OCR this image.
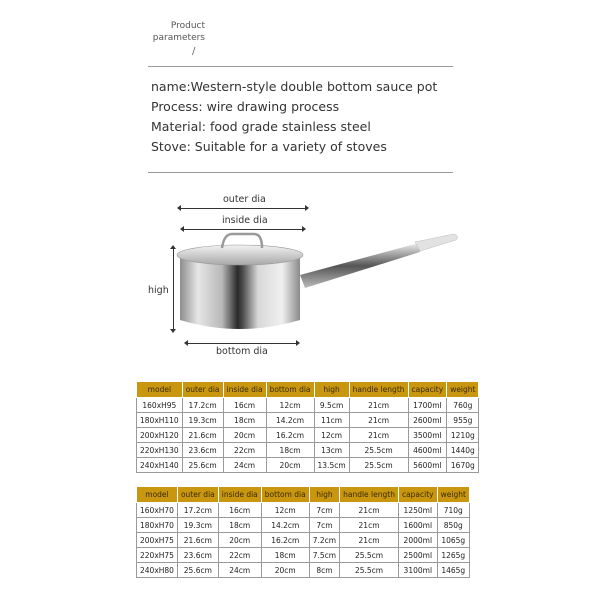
Product
parameters
/
name:Western-style double bottom sauce pot
Process: wire drawing process
Material: food grade stainless steel
Stove: Suitable for a variety of stoves
outer dia
inside dia
high
bottom dia
model	outer dia	inside dia	bottom dia	high	handle length	capacity	weight
160xH95	17.2cm	16cm	12cm	9.5cm	21cm	1700ml	760g
180xH110	19.3cm	18cm	14.2cm	11cm	21cm	2600ml	955g
200xH120	21.6cm	20cm	16.2cm	12cm	21cm	3500ml	1210g
220xH130	23.6cm	22cm	18cm	13cm	25.5cm	4600ml	1440g
240xH140	25.6cm	24cm	20cm	13.5cm	25.5cm	5600ml	1670g
model	outer dia	inside dia	bottom dia	high	handle length	capacity	weight
160xH70	17.2cm	16cm	12cm	7cm	21cm	1250ml	710g
180xH70	19.3cm	18cm	14.2cm	7cm	21cm	1600ml	850g
200xH75	21.6cm	20cm	16.2cm	7.2cm	21cm	2000ml	1065g
220xH75	23.6cm	22cm	18cm	7.5cm	25.5cm	2500ml	1265g
240xH80	25.6cm	24cm	20cm	8cm	25.5cm	3100ml	1465g
